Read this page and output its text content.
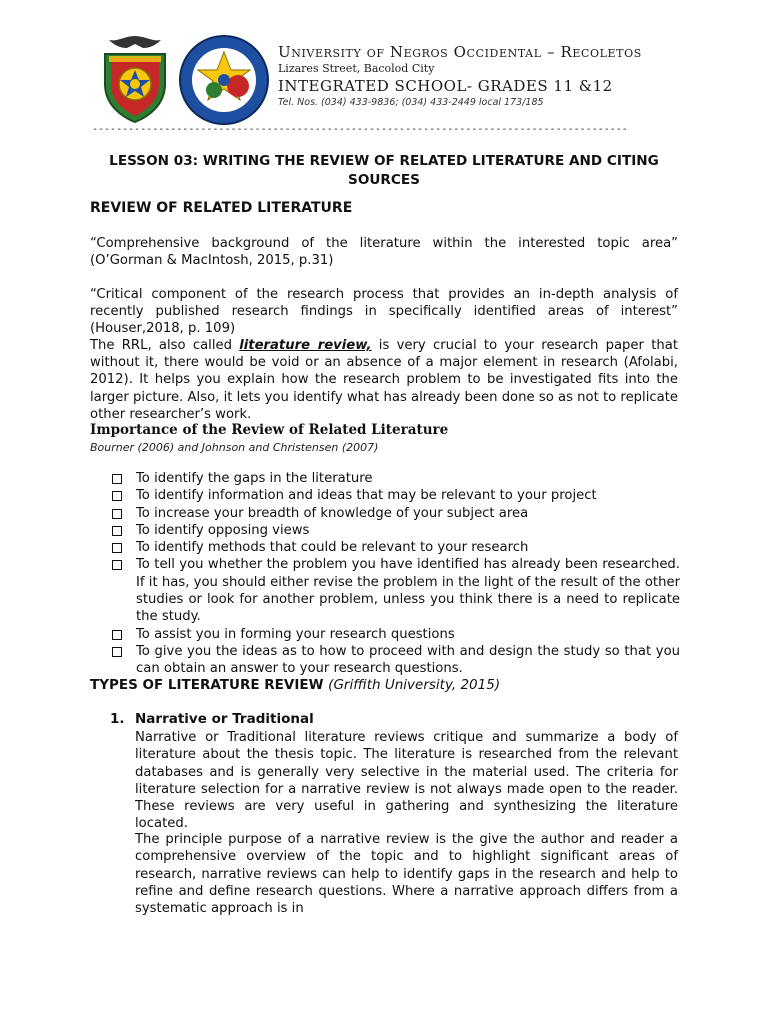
University of Negros Occidental – Recoletos
Lizares Street, Bacolod City
INTEGRATED SCHOOL- GRADES 11 &12
Tel. Nos. (034) 433-9836; (034) 433-2449 local 173/185
-----------------------------------------------------------------------------------------
LESSON 03: WRITING THE REVIEW OF RELATED LITERATURE AND CITING SOURCES
REVIEW OF RELATED LITERATURE
“Comprehensive background of the literature within the interested topic area” (O’Gorman & MacIntosh, 2015, p.31)
“Critical component of the research process that provides an in-depth analysis of recently published research findings in specifically identified areas of interest” (Houser,2018, p. 109)
The RRL, also called literature review, is very crucial to your research paper that without it, there would be void or an absence of a major element in research (Afolabi, 2012). It helps you explain how the research problem to be investigated fits into the larger picture. Also, it lets you identify what has already been done so as not to replicate other researcher’s work.
Importance of the Review of Related Literature
Bourner (2006) and Johnson and Christensen (2007)
To identify the gaps in the literature
To identify information and ideas that may be relevant to your project
To increase your breadth of knowledge of your subject area
To identify opposing views
To identify methods that could be relevant to your research
To tell you whether the problem you have identified has already been researched. If it has, you should either revise the problem in the light of the result of the other studies or look for another problem, unless you think there is a need to replicate the study.
To assist you in forming your research questions
To give you the ideas as to how to proceed with and design the study so that you can obtain an answer to your research questions.
TYPES OF LITERATURE REVIEW (Griffith University, 2015)
1. Narrative or Traditional
Narrative or Traditional literature reviews critique and summarize a body of literature about the thesis topic. The literature is researched from the relevant databases and is generally very selective in the material used. The criteria for literature selection for a narrative review is not always made open to the reader. These reviews are very useful in gathering and synthesizing the literature located.
The principle purpose of a narrative review is the give the author and reader a comprehensive overview of the topic and to highlight significant areas of research, narrative reviews can help to identify gaps in the research and help to refine and define research questions. Where a narrative approach differs from a systematic approach is in
